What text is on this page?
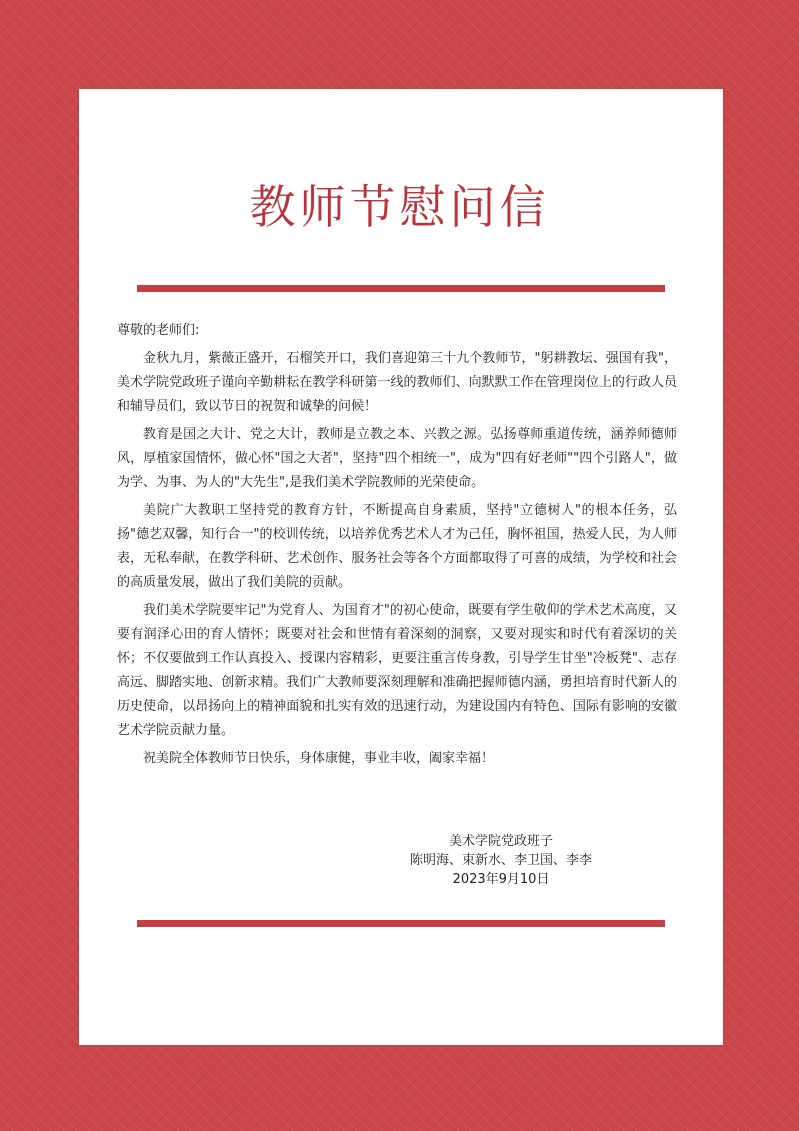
教师节慰问信

尊敬的老师们:

金秋九月，紫薇正盛开，石榴笑开口，我们喜迎第三十九个教师节，"躬耕教坛、强国有我"，美术学院党政班子谨向辛勤耕耘在教学科研第一线的教师们、向默默工作在管理岗位上的行政人员和辅导员们，致以节日的祝贺和诚挚的问候！

教育是国之大计、党之大计，教师是立教之本、兴教之源。弘扬尊师重道传统，涵养师德师风，厚植家国情怀，做心怀"国之大者"，坚持"四个相统一"，成为"四有好老师""四个引路人"，做为学、为事、为人的"大先生",是我们美术学院教师的光荣使命。

美院广大教职工坚持党的教育方针，不断提高自身素质，坚持"立德树人"的根本任务，弘扬"德艺双馨，知行合一"的校训传统，以培养优秀艺术人才为己任，胸怀祖国，热爱人民，为人师表，无私奉献，在教学科研、艺术创作、服务社会等各个方面都取得了可喜的成绩，为学校和社会的高质量发展，做出了我们美院的贡献。

我们美术学院要牢记"为党育人、为国育才"的初心使命，既要有学生敬仰的学术艺术高度，又要有润泽心田的育人情怀；既要对社会和世情有着深刻的洞察，又要对现实和时代有着深切的关怀；不仅要做到工作认真投入、授课内容精彩，更要注重言传身教，引导学生甘坐"冷板凳"、志存高远、脚踏实地、创新求精。我们广大教师要深刻理解和准确把握师德内涵，勇担培育时代新人的历史使命，以昂扬向上的精神面貌和扎实有效的迅速行动，为建设国内有特色、国际有影响的安徽艺术学院贡献力量。

祝美院全体教师节日快乐，身体康健，事业丰收，阖家幸福！

美术学院党政班子
陈明海、束新水、李卫国、李李
2023年9月10日
